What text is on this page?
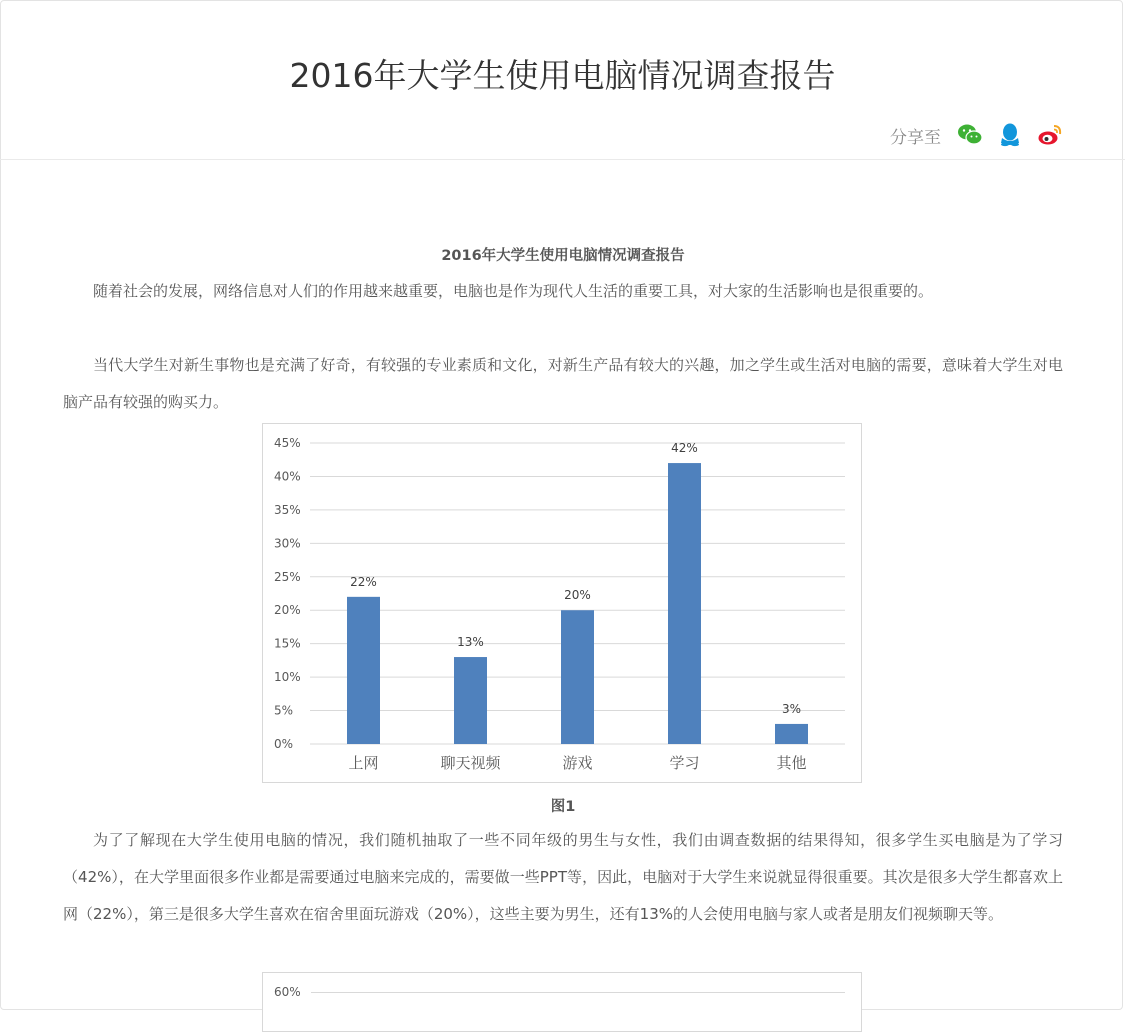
2016年大学生使用电脑情况调查报告
分享至
2016年大学生使用电脑情况调查报告

随着社会的发展，网络信息对人们的作用越来越重要，电脑也是作为现代人生活的重要工具，对大家的生活影响也是很重要的。

当代大学生对新生事物也是充满了好奇，有较强的专业素质和文化，对新生产品有较大的兴趣，加之学生或生活对电脑的需要，意味着大学生对电脑产品有较强的购买力。

0%
5%
10%
15%
20%
25%
30%
35%
40%
45%
22%
上网
13%
聊天视频
20%
游戏
42%
学习
3%
其他
图1

为了了解现在大学生使用电脑的情况，我们随机抽取了一些不同年级的男生与女性，我们由调查数据的结果得知，很多学生买电脑是为了学习（42%），在大学里面很多作业都是需要通过电脑来完成的，需要做一些PPT等，因此，电脑对于大学生来说就显得很重要。其次是很多大学生都喜欢上网（22%），第三是很多大学生喜欢在宿舍里面玩游戏（20%），这些主要为男生，还有13%的人会使用电脑与家人或者是朋友们视频聊天等。

60%
